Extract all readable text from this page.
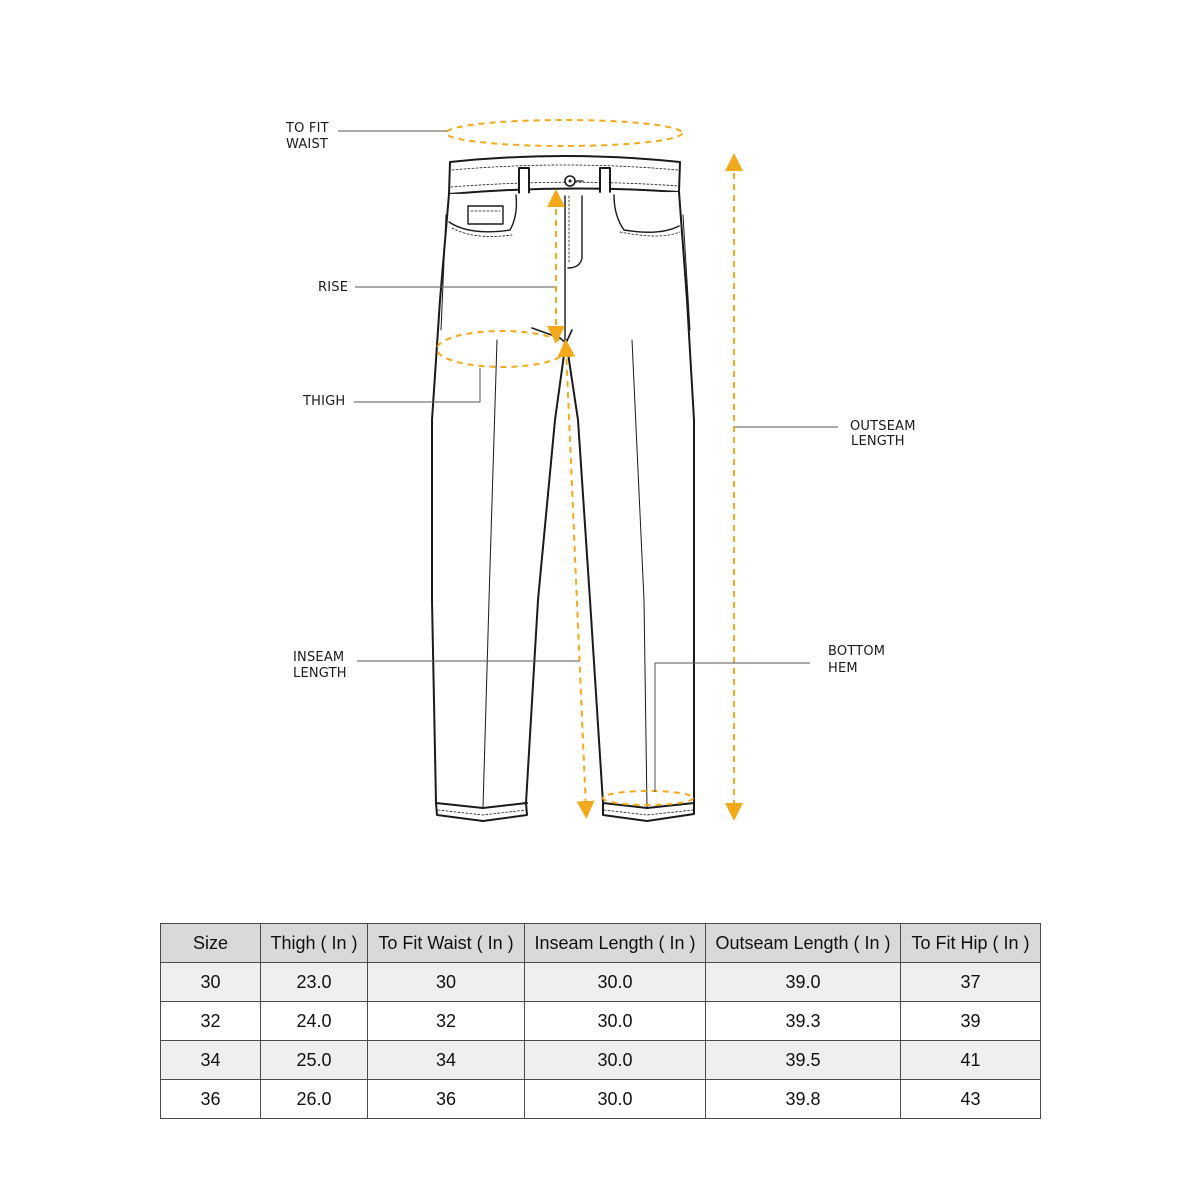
TO FIT WAIST
RISE
THIGH
OUTSEAM LENGTH
INSEAM LENGTH
BOTTOM HEM
Size	Thigh ( In )	To Fit Waist ( In )	Inseam Length ( In )	Outseam Length ( In )	To Fit Hip ( In )
30	23.0	30	30.0	39.0	37
32	24.0	32	30.0	39.3	39
34	25.0	34	30.0	39.5	41
36	26.0	36	30.0	39.8	43
